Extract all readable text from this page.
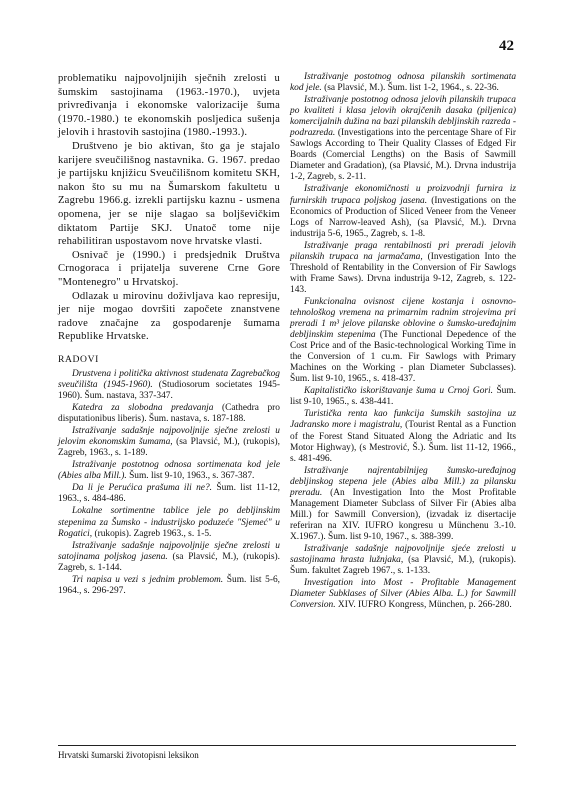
42

problematiku najpovoljnijih sječnih zrelosti u šumskim sastojinama (1963.-1970.), uvjeta privređivanja i ekonomske valorizacije šuma (1970.-1980.) te ekonomskih posljedica sušenja jelovih i hrastovih sastojina (1980.-1993.).

Društveno je bio aktivan, što ga je stajalo karijere sveučilišnog nastavnika. G. 1967. predao je partijsku knjižicu Sveučilišnom komitetu SKH, nakon što su mu na Šumarskom fakultetu u Zagrebu 1966.g. izrekli partijsku kaznu - usmena opomena, jer se nije slagao sa boljševičkim diktatom Partije SKJ. Unatoč tome nije rehabilitiran uspostavom nove hrvatske vlasti.

Osnivač je (1990.) i predsjednik Društva Crnogoraca i prijatelja suverene Crne Gore "Montenegro" u Hrvatskoj.

Odlazak u mirovinu doživljava kao represiju, jer nije mogao dovršiti započete znanstvene radove značajne za gospodarenje šumama Republike Hrvatske.

RADOVI

Drustvena i politička aktivnost studenata Zagrebačkog sveučilišta (1945-1960). (Studiosorum societates 1945-1960). Šum. nastava, 337-347.

Katedra za slobodna predavanja (Cathedra pro disputationibus liberis). Šum. nastava, s. 187-188.

Istraživanje sadašnje najpovoljnije sječne zrelosti u jelovim ekonomskim šumama, (sa Plavsić, M.), (rukopis), Zagreb, 1963., s. 1-189.

Istraživanje postotnog odnosa sortimenata kod jele (Abies alba Mill.). Šum. list 9-10, 1963., s. 367-387.

Da li je Perućica prašuma ili ne?. Šum. list 11-12, 1963., s. 484-486.

Lokalne sortimentne tablice jele po debljinskim stepenima za Šumsko - industrijsko poduzeće "Sjemeć" u Rogatici, (rukopis). Zagreb 1963., s. 1-5.

Istraživanje sadašnje najpovoljnije sječne zrelosti u satojinama poljskog jasena. (sa Plavsić, M.), (rukopis). Zagreb, s. 1-144.

Tri napisa u vezi s jednim problemom. Šum. list 5-6, 1964., s. 296-297.

Istraživanje postotnog odnosa pilanskih sortimenata kod jele. (sa Plavsić, M.). Šum. list 1-2, 1964., s. 22-36.

Istraživanje postotnog odnosa jelovih pilanskih trupaca po kvaliteti i klasa jelovih okrajčenih dasaka (piljenica) komercijalnih dužina na bazi pilanskih debljinskih razreda - podrazreda. (Investigations into the percentage Share of Fir Sawlogs According to Their Quality Classes of Edged Fir Boards (Comercial Lengths) on the Basis of Sawmill Diameter and Gradation), (sa Plavsić, M.). Drvna industrija 1-2, Zagreb, s. 2-11.

Istraživanje ekonomičnosti u proizvodnji furnira iz furnirskih trupaca poljskog jasena. (Investigations on the Economics of Production of Sliced Veneer from the Veneer Logs of Narrow-leaved Ash), (sa Plavsić, M.). Drvna industrija 5-6, 1965., Zagreb, s. 1-8.

Istraživanje praga rentabilnosti pri preradi jelovih pilanskih trupaca na jarmačama, (Investigation Into the Threshold of Rentability in the Conversion of Fir Sawlogs with Frame Saws). Drvna industrija 9-12, Zagreb, s. 122-143.

Funkcionalna ovisnost cijene kostanja i osnovno-tehnološkog vremena na primarnim radnim strojevima pri preradi 1 m³ jelove pilanske oblovine o šumsko-uređajnim debljinskim stepenima (The Functional Depedence of the Cost Price and of the Basic-technological Working Time in the Conversion of 1 cu.m. Fir Sawlogs with Primary Machines on the Working - plan Diameter Subclasses). Šum. list 9-10, 1965., s. 418-437.

Kapitalističko iskorištavanje šuma u Crnoj Gori. Šum. list 9-10, 1965., s. 438-441.

Turistička renta kao funkcija šumskih sastojina uz Jadransko more i magistralu, (Tourist Rental as a Function of the Forest Stand Situated Along the Adriatic and Its Motor Highway), (s Mestrović, Š.). Šum. list 11-12, 1966., s. 481-496.

Istraživanje najrentabilnijeg šumsko-uređajnog debljinskog stepena jele (Abies alba Mill.) za pilansku preradu. (An Investigation Into the Most Profitable Management Diameter Subclass of Silver Fir (Abies alba Mill.) for Sawmill Conversion), (izvadak iz disertacije referiran na XIV. IUFRO kongresu u Münchenu 3.-10. X.1967.). Šum. list 9-10, 1967., s. 388-399.

Istraživanje sadašnje najpovoljnije sjeće zrelosti u sastojinama hrasta lužnjaka, (sa Plavsić, M.), (rukopis). Šum. fakultet Zagreb 1967., s. 1-133.

Investigation into Most - Profitable Management Diameter Subklases of Silver (Abies Alba. L.) for Sawmill Conversion. XIV. IUFRO Kongress, München, p. 266-280.

Hrvatski šumarski životopisni leksikon
